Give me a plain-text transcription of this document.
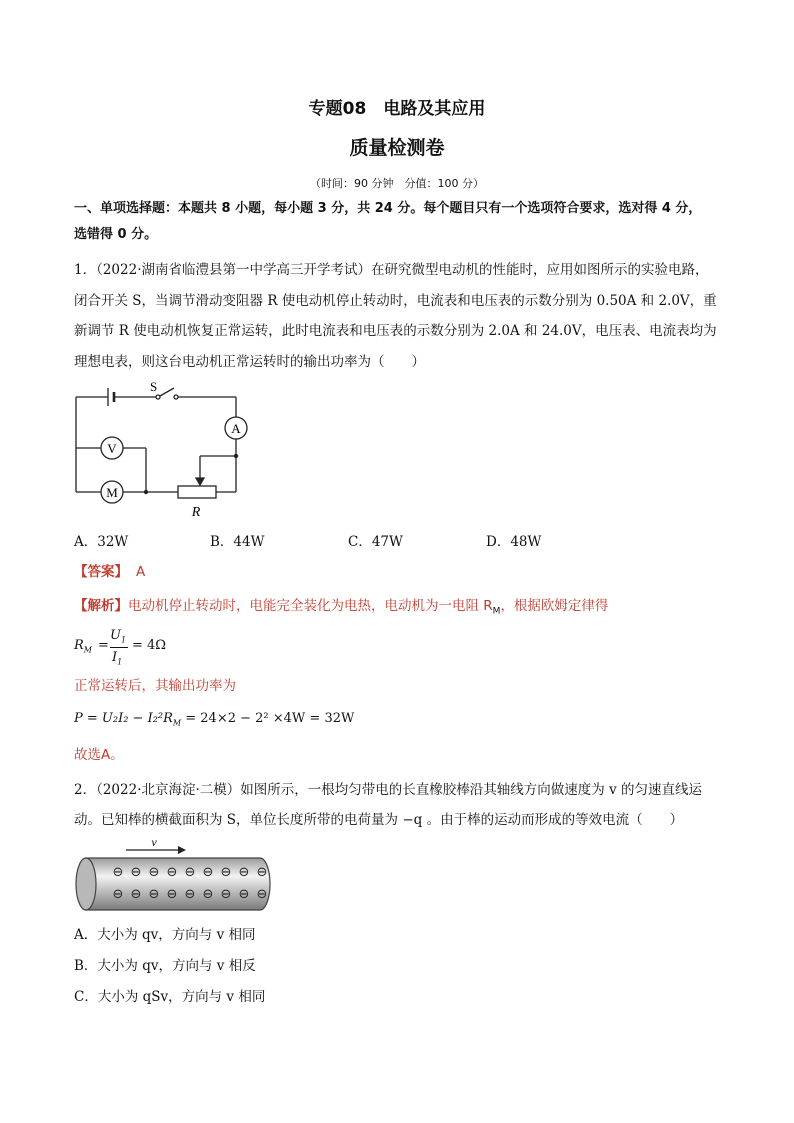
专题08　电路及其应用
质量检测卷
（时间：90 分钟　分值：100 分）
一、单项选择题：本题共 8 小题，每小题 3 分，共 24 分。每个题目只有一个选项符合要求，选对得 4 分，
选错得 0 分。
1．（2022·湖南省临澧县第一中学高三开学考试）在研究微型电动机的性能时，应用如图所示的实验电路，
闭合开关 S，当调节滑动变阻器 R 使电动机停止转动时，电流表和电压表的示数分别为 0.50A 和 2.0V，重
新调节 R 使电动机恢复正常运转，此时电流表和电压表的示数分别为 2.0A 和 24.0V，电压表、电流表均为
理想电表，则这台电动机正常运转时的输出功率为（　　）
S
A
V
M
R
A．32W	B．44W	C．47W	D．48W
【答案】 A
【解析】电动机停止转动时，电能完全装化为电热，电动机为一电阻 $R_M$，根据欧姆定律得
$R_M$ =
$U_1$
$I_1$
= 4Ω
正常运转后，其输出功率为
$P = U_2I_2 - I_2^2R_M = 24\times 2 - 2^2 \times 4W = 32W$
故选A。
2．（2022·北京海淀·二模）如图所示，一根均匀带电的长直橡胶棒沿其轴线方向做速度为 v 的匀速直线运
动。已知棒的横截面积为 S，单位长度所带的电荷量为 −q 。由于棒的运动而形成的等效电流（　　）
v
⊖ ⊖ ⊖ ⊖ ⊖ ⊖ ⊖ ⊖ ⊖
⊖ ⊖ ⊖ ⊖ ⊖ ⊖ ⊖ ⊖ ⊖
A．大小为 qv，方向与 v 相同
B．大小为 qv，方向与 v 相反
C．大小为 qSv，方向与 v 相同
